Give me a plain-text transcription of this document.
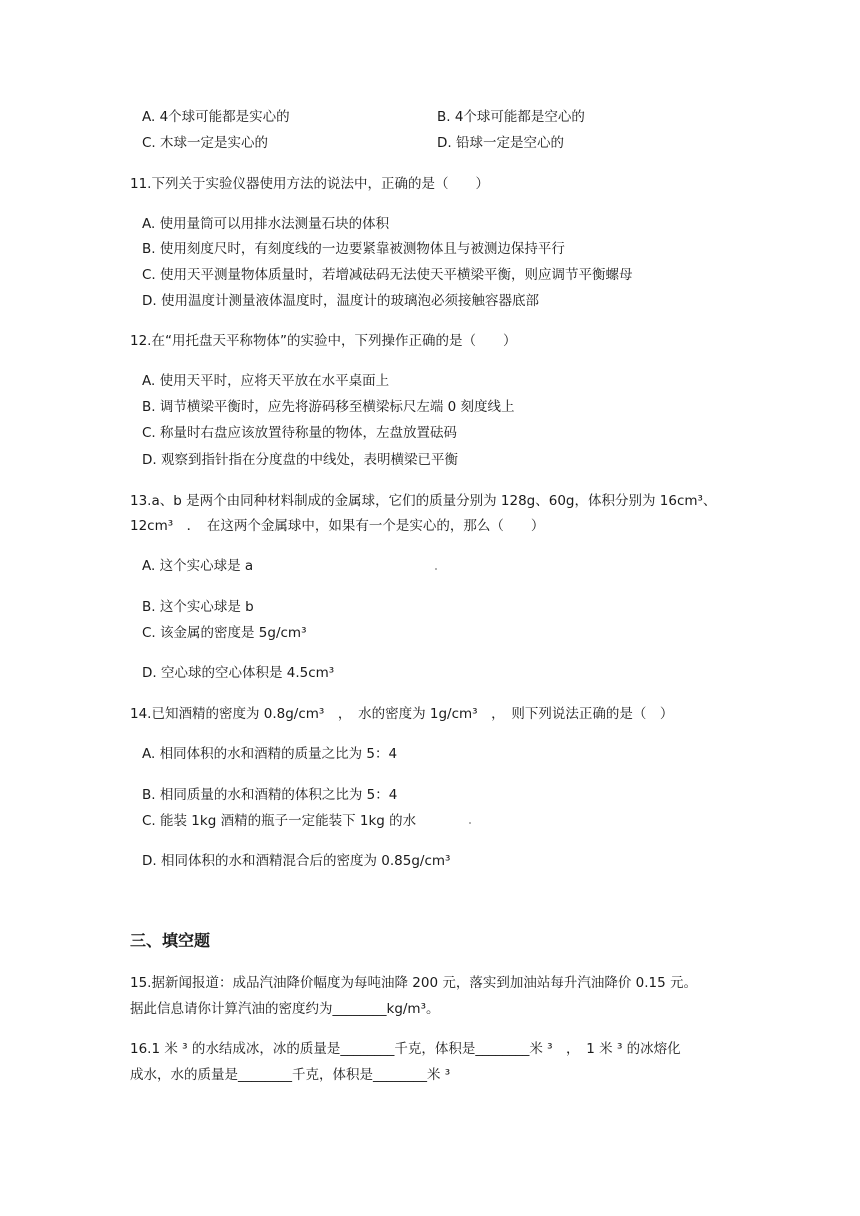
A. 4个球可能都是实心的	B. 4个球可能都是空心的
C. 木球一定是实心的	D. 铅球一定是空心的
11.下列关于实验仪器使用方法的说法中，正确的是（　　）
A. 使用量筒可以用排水法测量石块的体积
B. 使用刻度尺时，有刻度线的一边要紧靠被测物体且与被测边保持平行
C. 使用天平测量物体质量时，若增减砝码无法使天平横梁平衡，则应调节平衡螺母
D. 使用温度计测量液体温度时，温度计的玻璃泡必须接触容器底部
12.在“用托盘天平称物体”的实验中，下列操作正确的是（　　）
A. 使用天平时，应将天平放在水平桌面上
B. 调节横梁平衡时，应先将游码移至横梁标尺左端 0 刻度线上
C. 称量时右盘应该放置待称量的物体，左盘放置砝码
D. 观察到指针指在分度盘的中线处，表明横梁已平衡
13.a、b 是两个由同种材料制成的金属球，它们的质量分别为 128g、60g，体积分别为 16cm³、
12cm³　．　在这两个金属球中，如果有一个是实心的，那么（　　）
A. 这个实心球是 a
B. 这个实心球是 b
C. 该金属的密度是 5g/cm³
D. 空心球的空心体积是 4.5cm³
14.已知酒精的密度为 0.8g/cm³　，　水的密度为 1g/cm³　，　则下列说法正确的是（　）
A. 相同体积的水和酒精的质量之比为 5：4
B. 相同质量的水和酒精的体积之比为 5：4
C. 能装 1kg 酒精的瓶子一定能装下 1kg 的水
D. 相同体积的水和酒精混合后的密度为 0.85g/cm³
三、填空题
15.据新闻报道：成品汽油降价幅度为每吨油降 200 元，落实到加油站每升汽油降价 0.15 元。
据此信息请你计算汽油的密度约为________kg/m³。
16.1 米 ³ 的水结成冰，冰的质量是________千克，体积是________米 ³　，　1 米 ³ 的冰熔化
成水，水的质量是________千克，体积是________米 ³
